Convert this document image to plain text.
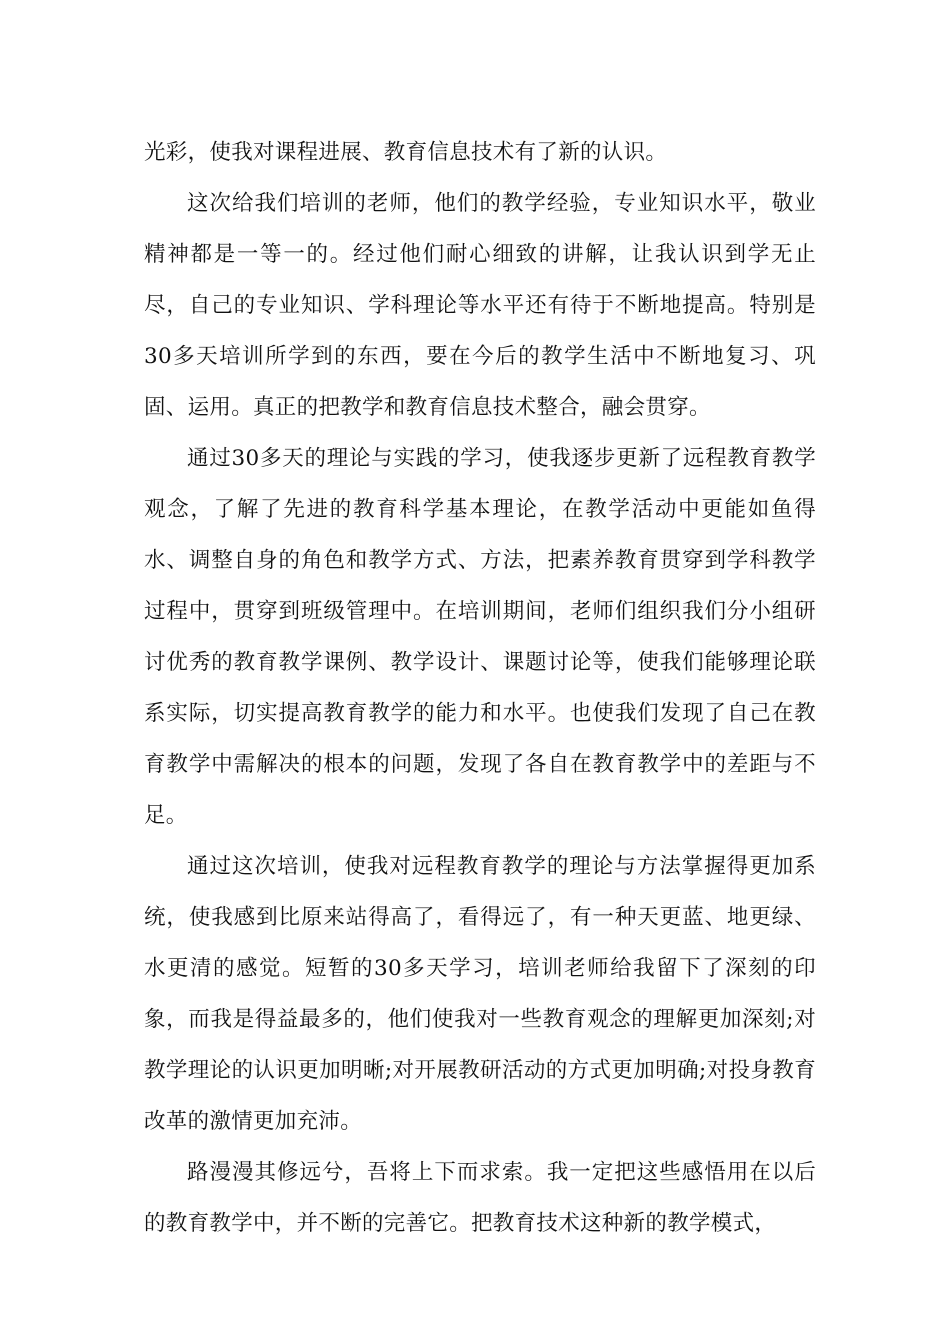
光彩，使我对课程进展、教育信息技术有了新的认识。

这次给我们培训的老师，他们的教学经验，专业知识水平，敬业精神都是一等一的。经过他们耐心细致的讲解，让我认识到学无止尽，自己的专业知识、学科理论等水平还有待于不断地提高。特别是30多天培训所学到的东西，要在今后的教学生活中不断地复习、巩固、运用。真正的把教学和教育信息技术整合，融会贯穿。

通过30多天的理论与实践的学习，使我逐步更新了远程教育教学观念，了解了先进的教育科学基本理论，在教学活动中更能如鱼得水、调整自身的角色和教学方式、方法，把素养教育贯穿到学科教学过程中，贯穿到班级管理中。在培训期间，老师们组织我们分小组研讨优秀的教育教学课例、教学设计、课题讨论等，使我们能够理论联系实际，切实提高教育教学的能力和水平。也使我们发现了自己在教育教学中需解决的根本的问题，发现了各自在教育教学中的差距与不足。

通过这次培训，使我对远程教育教学的理论与方法掌握得更加系统，使我感到比原来站得高了，看得远了，有一种天更蓝、地更绿、水更清的感觉。短暂的30多天学习，培训老师给我留下了深刻的印象，而我是得益最多的，他们使我对一些教育观念的理解更加深刻;对教学理论的认识更加明晰;对开展教研活动的方式更加明确;对投身教育改革的激情更加充沛。

路漫漫其修远兮，吾将上下而求索。我一定把这些感悟用在以后的教育教学中，并不断的完善它。把教育技术这种新的教学模式，
